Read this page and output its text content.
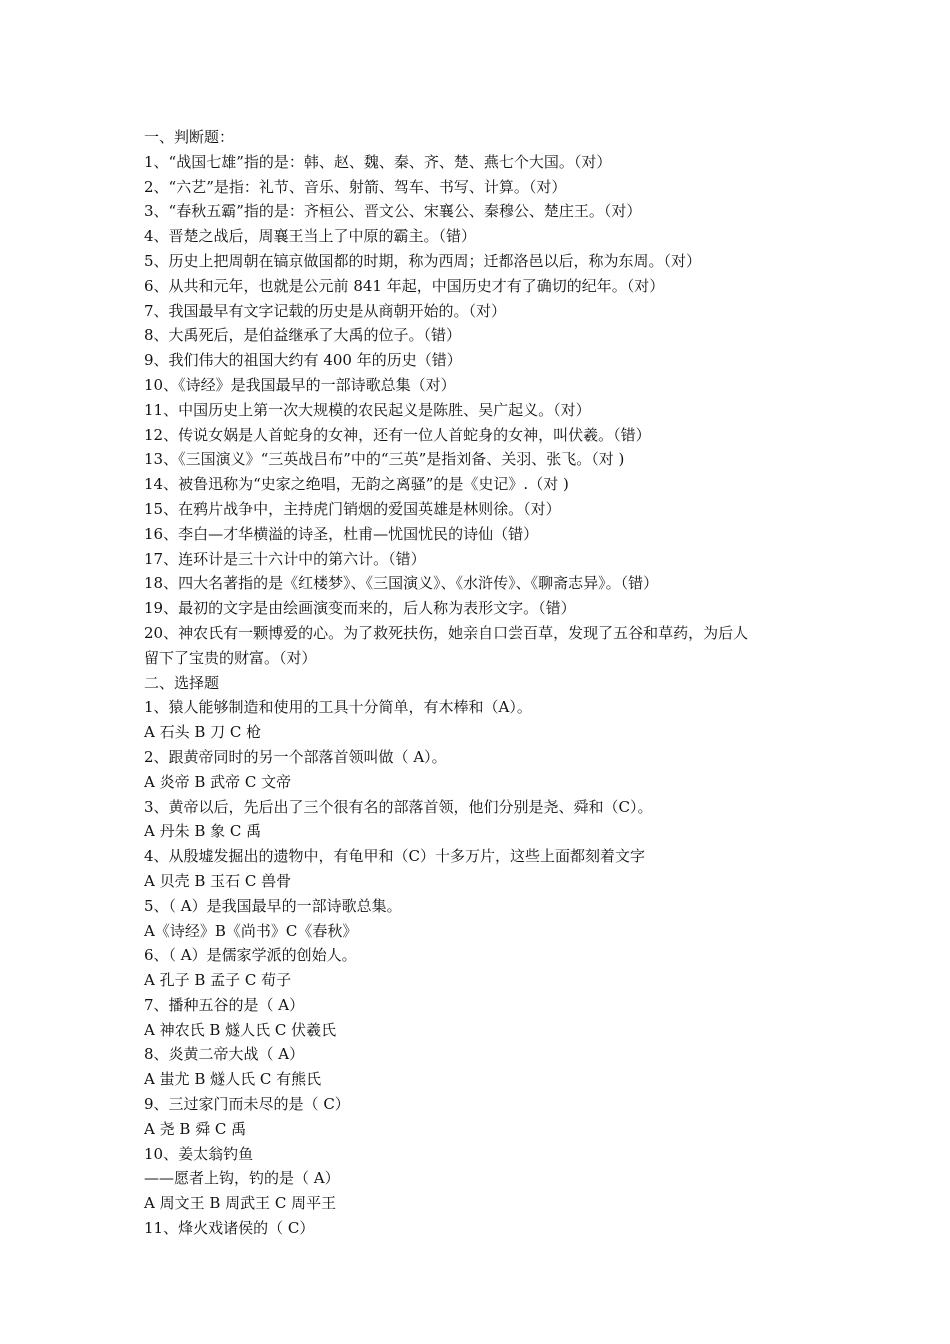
一、判断题：
1、“战国七雄”指的是：韩、赵、魏、秦、齐、楚、燕七个大国。（对）
2、“六艺”是指：礼节、音乐、射箭、驾车、书写、计算。（对）
3、“春秋五霸”指的是：齐桓公、晋文公、宋襄公、秦穆公、楚庄王。（对）
4、晋楚之战后，周襄王当上了中原的霸主。（错）
5、历史上把周朝在镐京做国都的时期，称为西周；迁都洛邑以后，称为东周。（对）
6、从共和元年，也就是公元前 841 年起，中国历史才有了确切的纪年。（对）
7、我国最早有文字记载的历史是从商朝开始的。（对）
8、大禹死后，是伯益继承了大禹的位子。（错）
9、我们伟大的祖国大约有 400 年的历史（错）
10、《诗经》是我国最早的一部诗歌总集（对）
11、中国历史上第一次大规模的农民起义是陈胜、吴广起义。（对）
12、传说女娲是人首蛇身的女神，还有一位人首蛇身的女神，叫伏羲。（错）
13、《三国演义》“三英战吕布”中的“三英”是指刘备、关羽、张飞。（对 )
14、被鲁迅称为“史家之绝唱，无韵之离骚”的是《史记》.（对 )
15、在鸦片战争中，主持虎门销烟的爱国英雄是林则徐。（对）
16、李白—才华横溢的诗圣，杜甫—忧国忧民的诗仙（错）
17、连环计是三十六计中的第六计。（错）
18、四大名著指的是《红楼梦》、《三国演义》、《水浒传》、《聊斋志异》。（错）
19、最初的文字是由绘画演变而来的，后人称为表形文字。（错）
20、神农氏有一颗博爱的心。为了救死扶伤，她亲自口尝百草，发现了五谷和草药，为后人
留下了宝贵的财富。（对）
二、选择题
1、猿人能够制造和使用的工具十分简单，有木棒和（A）。
A 石头 B 刀 C 枪
2、跟黄帝同时的另一个部落首领叫做（ A）。
A 炎帝 B 武帝 C 文帝
3、黄帝以后，先后出了三个很有名的部落首领，他们分别是尧、舜和（C）。
A 丹朱 B 象 C 禹
4、从殷墟发掘出的遗物中，有龟甲和（C）十多万片，这些上面都刻着文字
A 贝壳 B 玉石 C 兽骨
5、（ A）是我国最早的一部诗歌总集。
A《诗经》B《尚书》C《春秋》
6、（ A）是儒家学派的创始人。
A 孔子 B 孟子 C 荀子
7、播种五谷的是（ A）
A 神农氏 B 燧人氏 C 伏羲氏
8、炎黄二帝大战（ A）
A 蚩尤 B 燧人氏 C 有熊氏
9、三过家门而未尽的是（ C）
A 尧 B 舜 C 禹
10、姜太翁钓鱼
——愿者上钩，钓的是（ A）
A 周文王 B 周武王 C 周平王
11、烽火戏诸侯的（ C）
